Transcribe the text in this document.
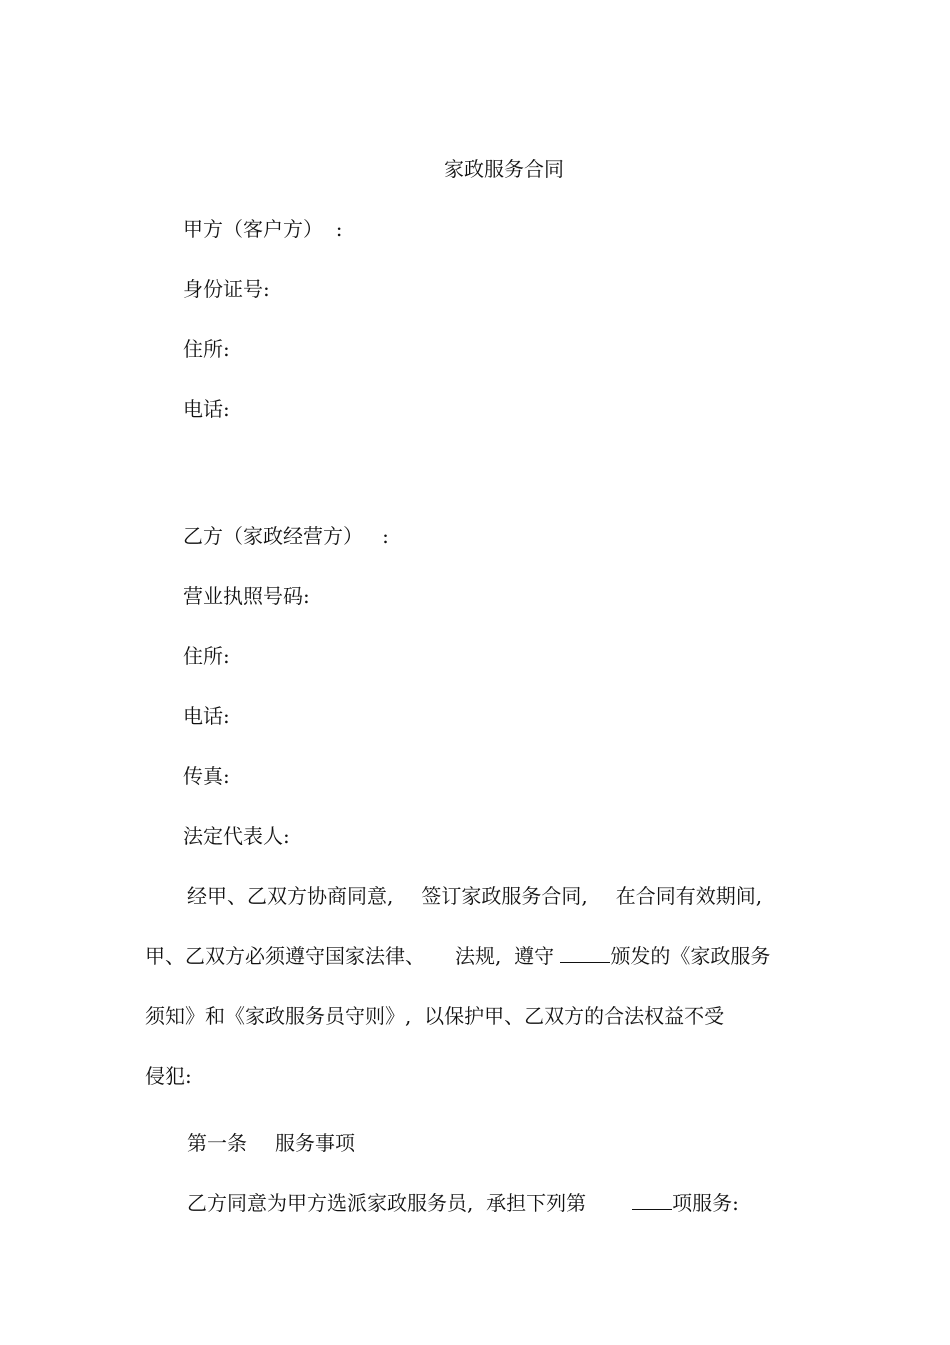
家政服务合同
甲方（客户方）  :
身份证号:
住所:
电话:
乙方（家政经营方）   :
营业执照号码:
住所:
电话:
传真:
法定代表人:
经甲、乙双方协商同意, 签订家政服务合同, 在合同有效期间,
甲、乙双方必须遵守国家法律、 法规,  遵守	颁发的《家政服务
须知》和《家政服务员守则》,  以保护甲、乙双方的合法权益不受
侵犯:
第一条 服务事项
乙方同意为甲方选派家政服务员,  承担下列第	项服务:
